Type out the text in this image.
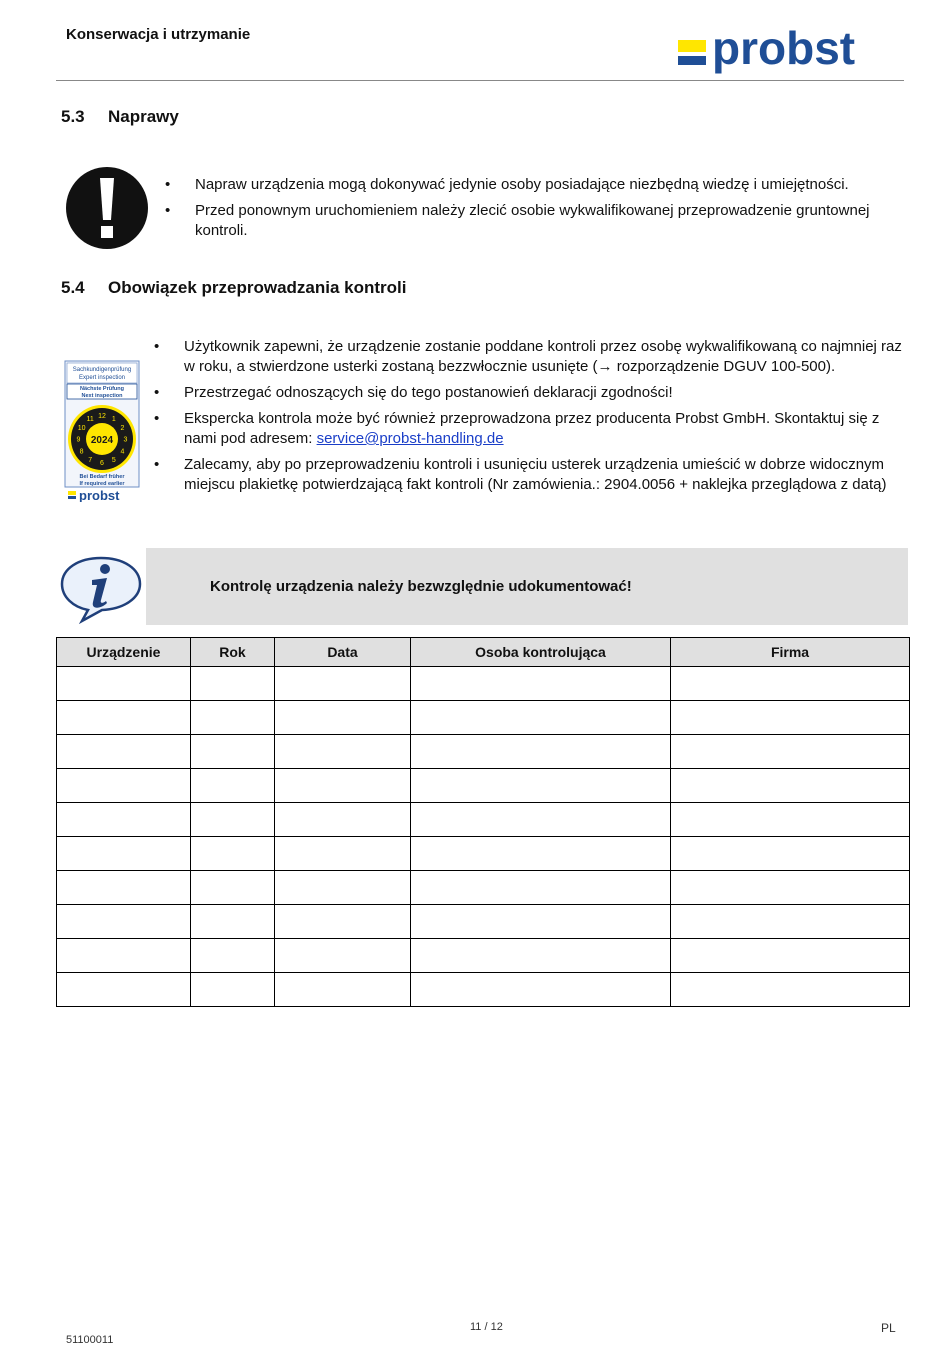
Konserwacja i utrzymanie	probst
5.3 Naprawy
• Napraw urządzenia mogą dokonywać jedynie osoby posiadające niezbędną wiedzę i umiejętności.
• Przed ponownym uruchomieniem należy zlecić osobie wykwalifikowanej przeprowadzenie gruntownej kontroli.
5.4 Obowiązek przeprowadzania kontroli
Sachkundigenprüfung
Expert inspection
Nächste Prüfung
Next inspection
1
2
3
4
5
6
7
8
9
10
11 12
2024
Bei Bedarf früher
If required earlier
probst
• Użytkownik zapewni, że urządzenie zostanie poddane kontroli przez osobę wykwalifikowaną co najmniej raz w roku, a stwierdzone usterki zostaną bezzwłocznie usunięte (→ rozporządzenie DGUV 100-500).
• Przestrzegać odnoszących się do tego postanowień deklaracji zgodności!
• Ekspercka kontrola może być również przeprowadzona przez producenta Probst GmbH. Skontaktuj się z nami pod adresem: service@probst-handling.de
• Zalecamy, aby po przeprowadzeniu kontroli i usunięciu usterek urządzenia umieścić w dobrze widocznym miejscu plakietkę potwierdzającą fakt kontroli (Nr zamówienia.: 2904.0056 + naklejka przeglądowa z datą)
Kontrolę urządzenia należy bezwzględnie udokumentować!
Urządzenie	Rok	Data	Osoba kontrolująca	Firma

11 / 12	PL
51100011
